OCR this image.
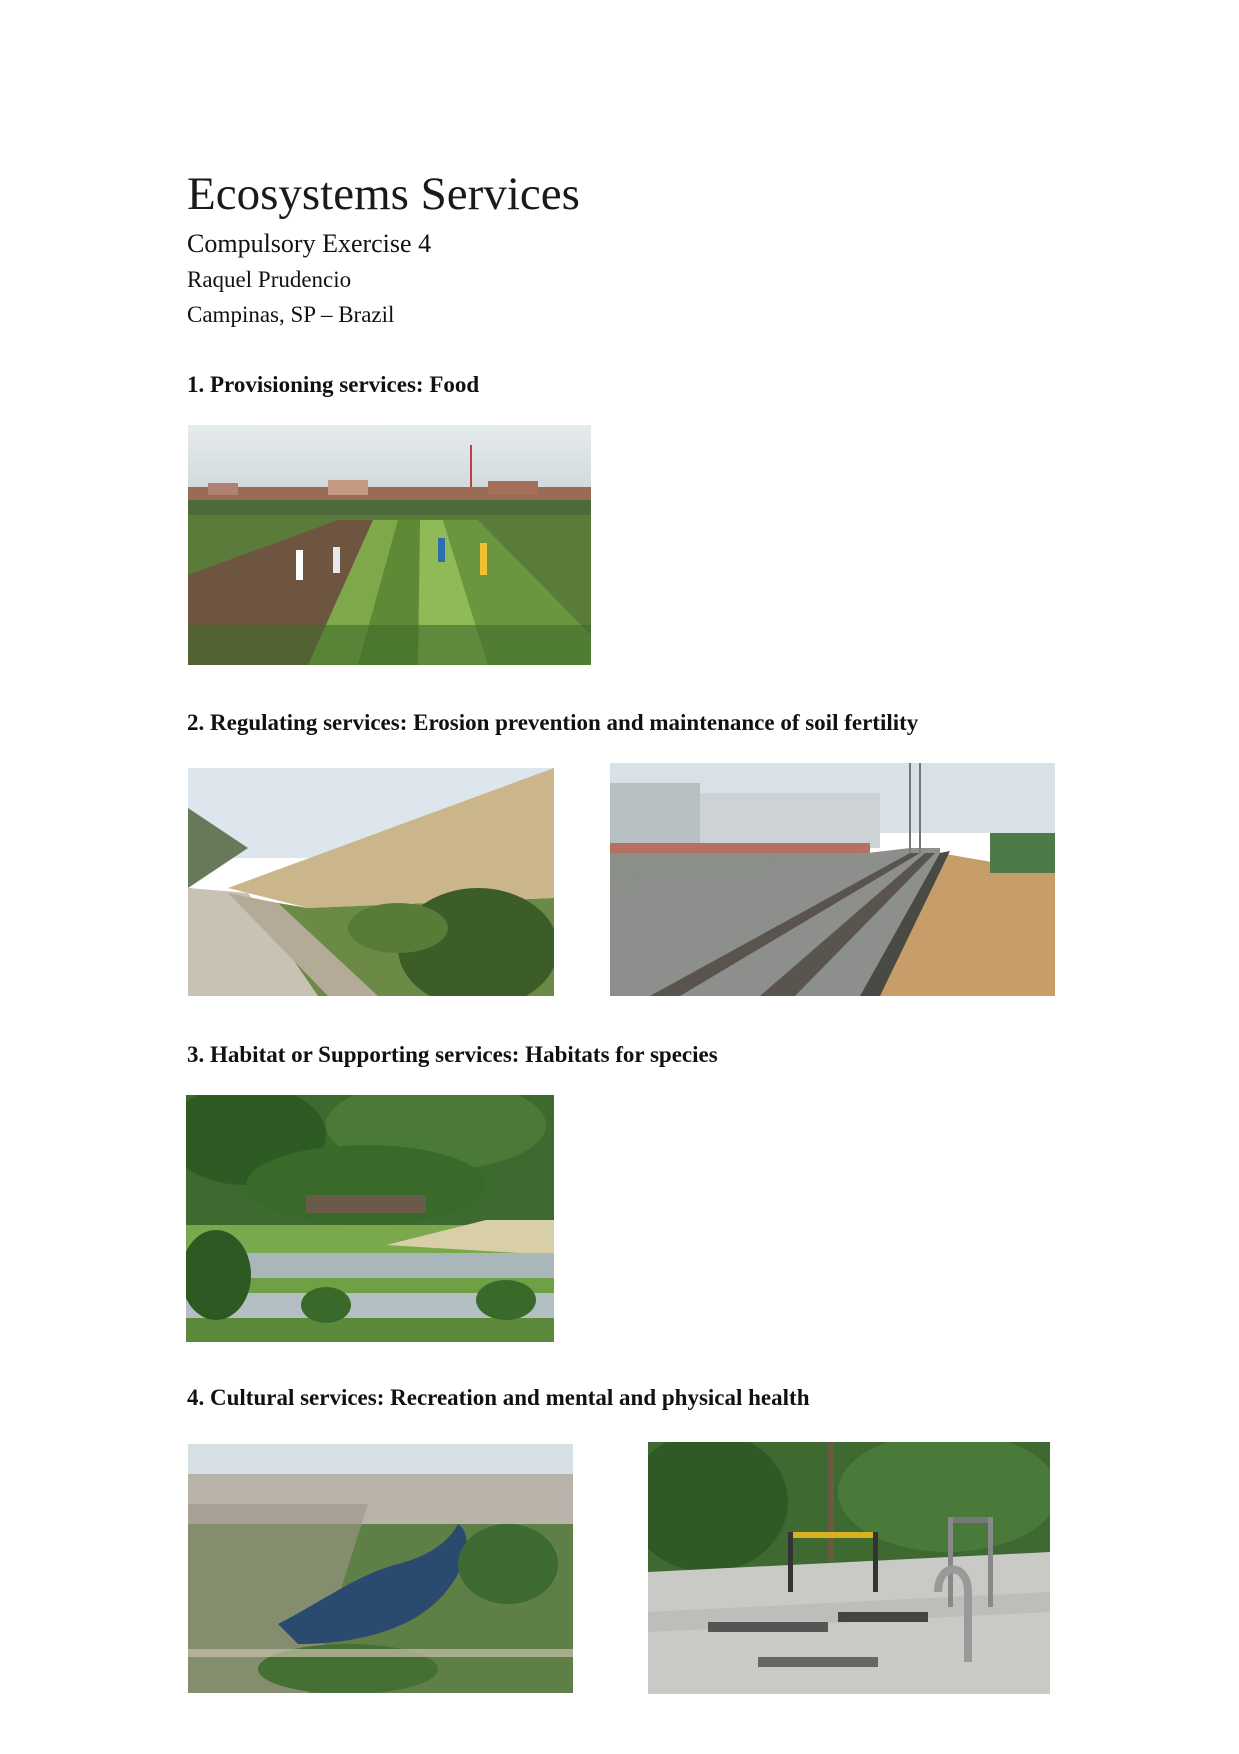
Ecosystems Services
Compulsory Exercise 4
Raquel Prudencio
Campinas, SP – Brazil
1. Provisioning services: Food
2. Regulating services: Erosion prevention and maintenance of soil fertility
3. Habitat or Supporting services: Habitats for species
4. Cultural services: Recreation and mental and physical health
